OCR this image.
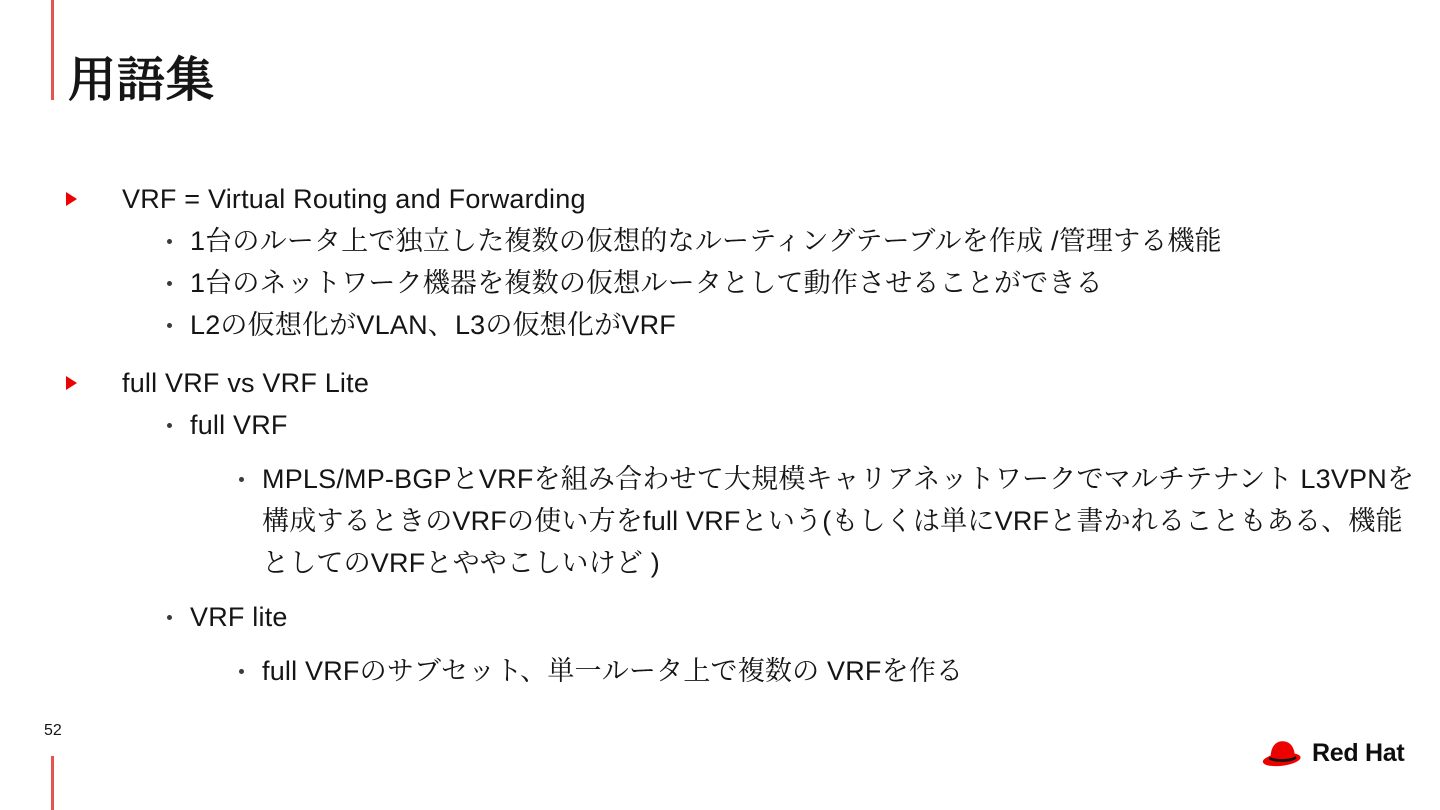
用語集
VRF = Virtual Routing and Forwarding
1台のルータ上で独立した複数の仮想的なルーティングテーブルを作成 /管理する機能
1台のネットワーク機器を複数の仮想ルータとして動作させることができる
L2の仮想化がVLAN、L3の仮想化がVRF
full VRF vs VRF Lite
full VRF
MPLS/MP-BGPとVRFを組み合わせて大規模キャリアネットワークでマルチテナント L3VPNを構成するときのVRFの使い方をfull VRFという(もしくは単にVRFと書かれることもある、機能としてのVRFとややこしいけど )
VRF lite
full VRFのサブセット、単一ルータ上で複数の VRFを作る
52
Red Hat
